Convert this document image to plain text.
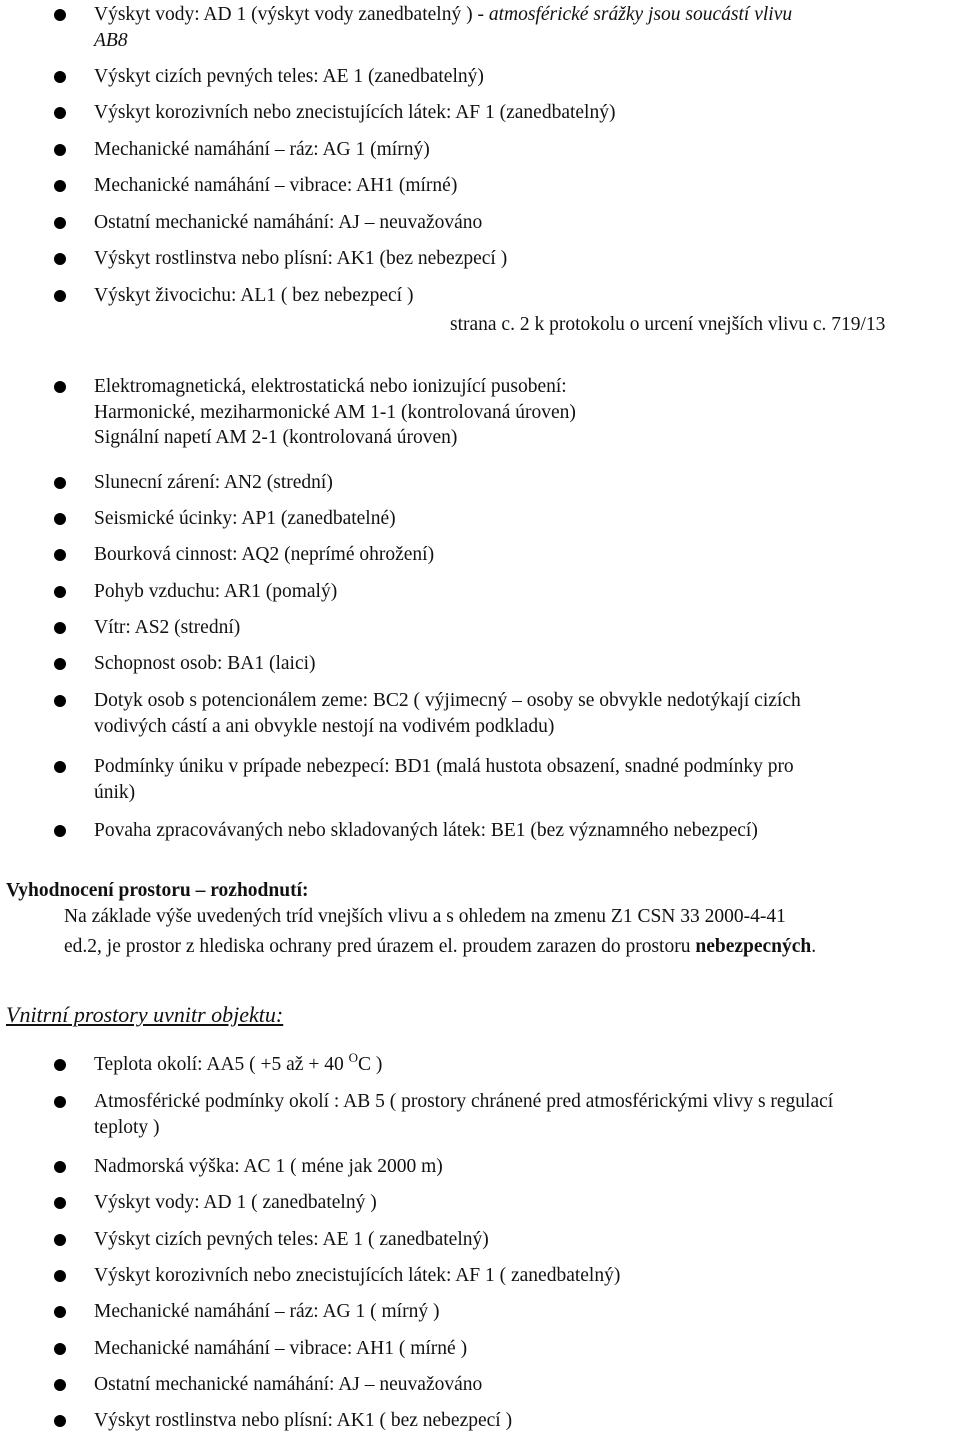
Výskyt vody: AD 1 (výskyt vody zanedbatelný ) - atmosférické srážky jsou soucástí vlivu
AB8
Výskyt cizích pevných teles: AE 1 (zanedbatelný)
Výskyt korozivních nebo znecistujících látek: AF 1 (zanedbatelný)
Mechanické namáhání – ráz: AG 1 (mírný)
Mechanické namáhání – vibrace: AH1 (mírné)
Ostatní mechanické namáhání: AJ – neuvažováno
Výskyt rostlinstva nebo plísní: AK1 (bez nebezpecí )
Výskyt živocichu: AL1 ( bez nebezpecí )
strana c. 2 k protokolu o urcení vnejších vlivu c. 719/13
Elektromagnetická, elektrostatická nebo ionizující pusobení:
Harmonické, meziharmonické AM 1-1 (kontrolovaná úroven)
Signální napetí AM 2-1 (kontrolovaná úroven)
Slunecní zárení: AN2 (strední)
Seismické úcinky: AP1 (zanedbatelné)
Bourková cinnost: AQ2 (neprímé ohrožení)
Pohyb vzduchu: AR1 (pomalý)
Vítr: AS2 (strední)
Schopnost osob: BA1 (laici)
Dotyk osob s potencionálem zeme: BC2 ( výjimecný – osoby se obvykle nedotýkají cizích
vodivých cástí a ani obvykle nestojí na vodivém podkladu)
Podmínky úniku v prípade nebezpecí: BD1 (malá hustota obsazení, snadné podmínky pro
únik)
Povaha zpracovávaných nebo skladovaných látek: BE1 (bez významného nebezpecí)
Vyhodnocení prostoru – rozhodnutí:
Na základe výše uvedených tríd vnejších vlivu a s ohledem na zmenu Z1 CSN 33 2000-4-41
ed.2, je prostor z hlediska ochrany pred úrazem el. proudem zarazen do prostoru nebezpecných.
Vnitrní prostory uvnitr objektu:
Teplota okolí: AA5 ( +5 až + 40 $^O$C )
Atmosférické podmínky okolí : AB 5 ( prostory chránené pred atmosférickými vlivy s regulací
teploty )
Nadmorská výška: AC 1 ( méne jak 2000 m)
Výskyt vody: AD 1 ( zanedbatelný )
Výskyt cizích pevných teles: AE 1 ( zanedbatelný)
Výskyt korozivních nebo znecistujících látek: AF 1 ( zanedbatelný)
Mechanické namáhání – ráz: AG 1 ( mírný )
Mechanické namáhání – vibrace: AH1 ( mírné )
Ostatní mechanické namáhání: AJ – neuvažováno
Výskyt rostlinstva nebo plísní: AK1 ( bez nebezpecí )
